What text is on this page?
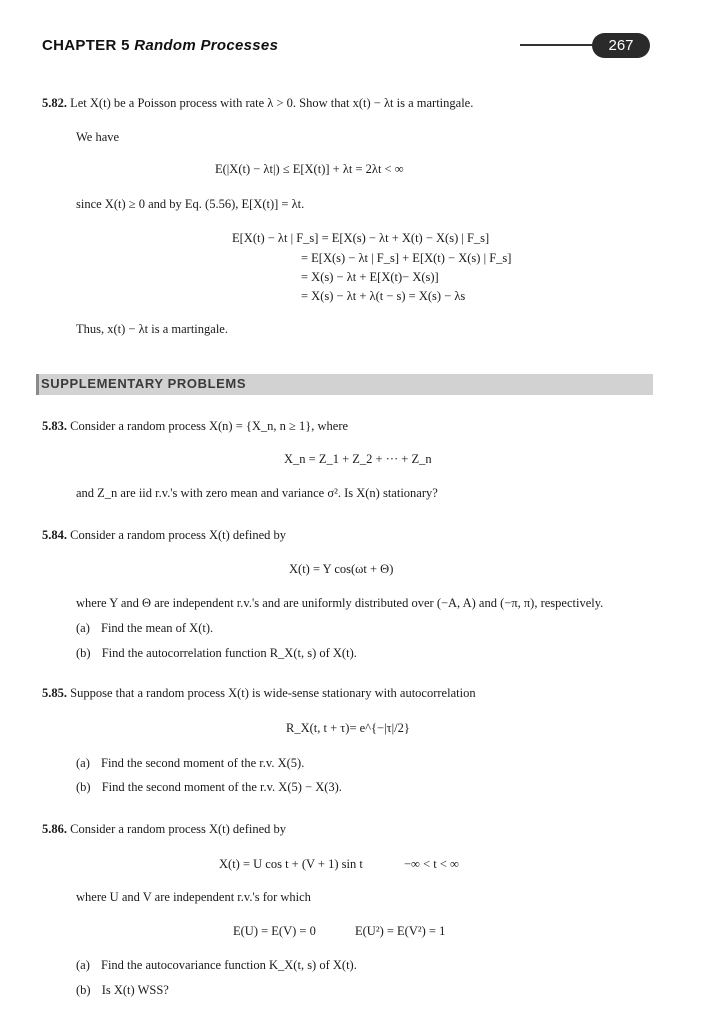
CHAPTER 5 Random Processes	267
5.82. Let X(t) be a Poisson process with rate λ > 0. Show that x(t) − λt is a martingale.
We have
E(|X(t) − λt|) ≤ E[X(t)] + λt = 2λt < ∞
since X(t) ≥ 0 and by Eq. (5.56), E[X(t)] = λt.
E[X(t) − λt | F_s] = E[X(s) − λt + X(t) − X(s) | F_s]
= E[X(s) − λt | F_s] + E[X(t) − X(s) | F_s]
= X(s) − λt + E[X(t)− X(s)]
= X(s) − λt + λ(t − s) = X(s) − λs
Thus, x(t) − λt is a martingale.
SUPPLEMENTARY PROBLEMS
5.83. Consider a random process X(n) = {X_n, n ≥ 1}, where
X_n = Z_1 + Z_2 + ··· + Z_n
and Z_n are iid r.v.'s with zero mean and variance σ². Is X(n) stationary?
5.84. Consider a random process X(t) defined by
X(t) = Y cos(ωt + Θ)
where Y and Θ are independent r.v.'s and are uniformly distributed over (−A, A) and (−π, π), respectively.
(a) Find the mean of X(t).
(b) Find the autocorrelation function R_X(t, s) of X(t).
5.85. Suppose that a random process X(t) is wide-sense stationary with autocorrelation
R_X(t, t + τ)= e^{−|τ|/2}
(a) Find the second moment of the r.v. X(5).
(b) Find the second moment of the r.v. X(5) − X(3).
5.86. Consider a random process X(t) defined by
X(t) = U cos t + (V + 1) sin t	−∞ < t < ∞
where U and V are independent r.v.'s for which
E(U) = E(V) = 0	E(U²) = E(V²) = 1
(a) Find the autocovariance function K_X(t, s) of X(t).
(b) Is X(t) WSS?
